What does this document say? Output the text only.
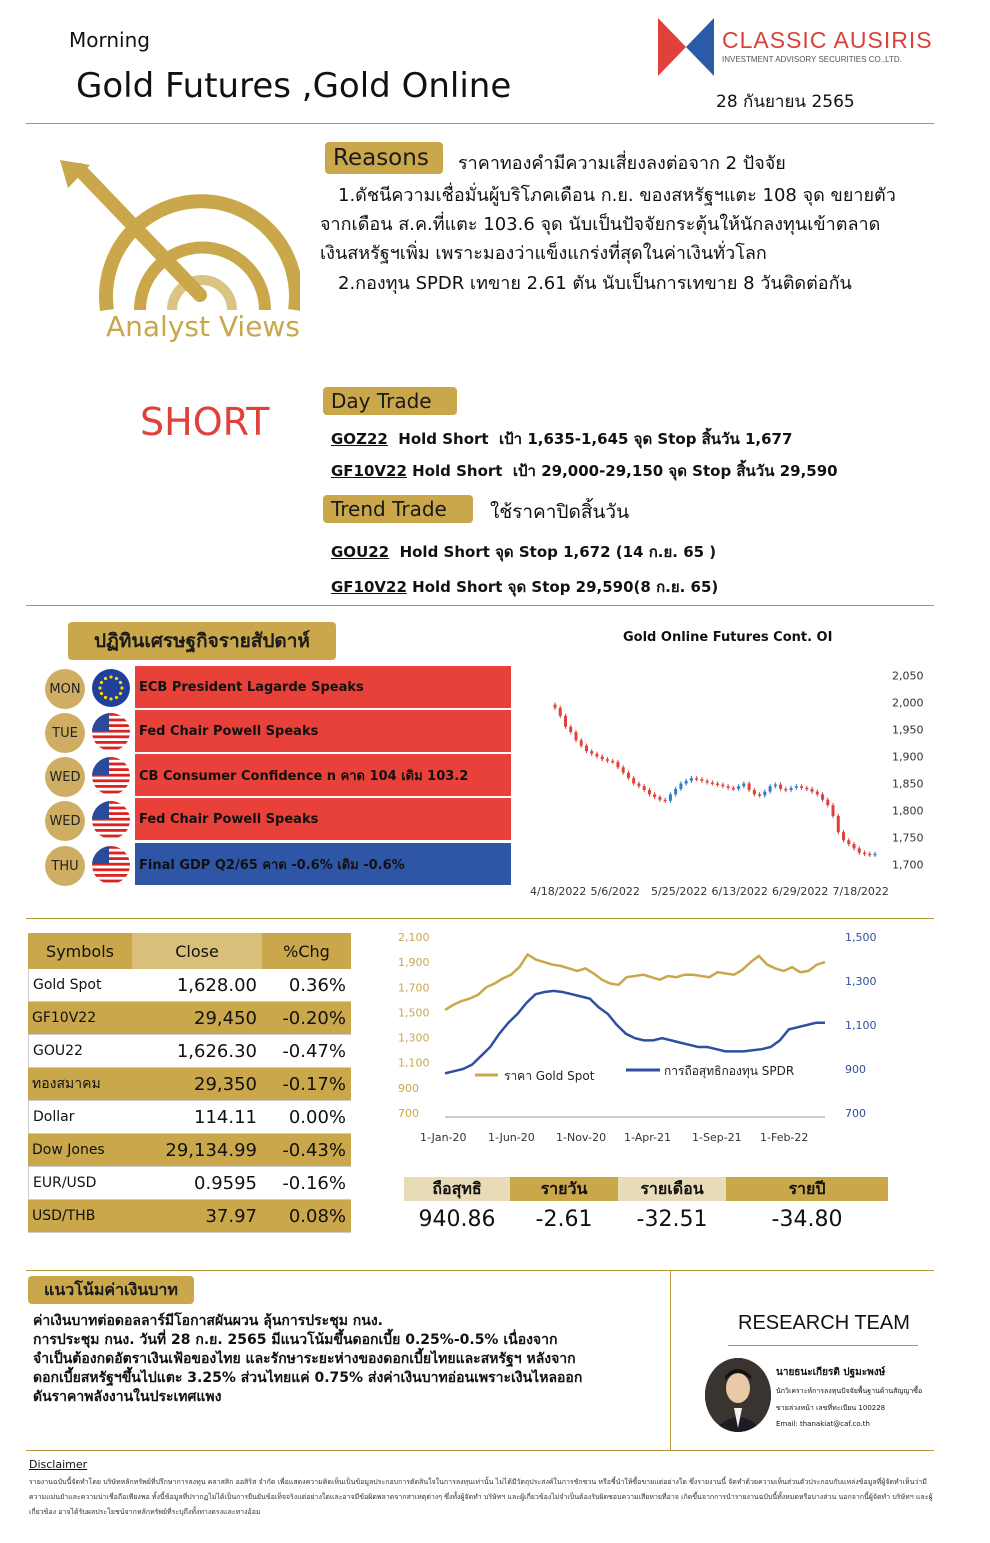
Morning
Gold Futures ,Gold Online
CLASSIC AUSIRIS
INVESTMENT ADVISORY SECURITIES CO.,LTD.
28 กันยายน 2565
Analyst Views
Reasons	ราคาทองคำมีความเสี่ยงลงต่อจาก 2 ปัจจัย
1.ดัชนีความเชื่อมั่นผู้บริโภคเดือน ก.ย. ของสหรัฐฯแตะ 108 จุด ขยายตัว
จากเดือน ส.ค.ที่แตะ 103.6 จุด นับเป็นปัจจัยกระตุ้นให้นักลงทุนเข้าตลาด
เงินสหรัฐฯเพิ่ม เพราะมองว่าแข็งแกร่งที่สุดในค่าเงินทั่วโลก
2.กองทุน SPDR เทขาย 2.61 ตัน นับเป็นการเทขาย 8 วันติดต่อกัน
SHORT	Day Trade
GOZ22  Hold Short  เป้า 1,635-1,645 จุด Stop สิ้นวัน 1,677
GF10V22 Hold Short  เป้า 29,000-29,150 จุด Stop สิ้นวัน 29,590
Trend Trade	ใช้ราคาปิดสิ้นวัน
GOU22  Hold Short จุด Stop 1,672 (14 ก.ย. 65 )
GF10V22 Hold Short จุด Stop 29,590(8 ก.ย. 65)
ปฏิทินเศรษฐกิจรายสัปดาห์
MON	ECB President Lagarde Speaks
TUE	Fed Chair Powell Speaks
WED	CB Consumer Confidence n คาด 104 เดิม 103.2
WED	Fed Chair Powell Speaks
THU	Final GDP Q2/65 คาด -0.6% เดิม -0.6%
Gold Online Futures Cont. OI
2,050
2,000
1,950
1,900
1,850
1,800
1,750
1,700
4/18/2022 5/6/2022 5/25/2022 6/13/2022 6/29/2022 7/18/2022
Symbols	Close	%Chg
Gold Spot	1,628.00	0.36%
GF10V22	29,450	-0.20%
GOU22	1,626.30	-0.47%
ทองสมาคม	29,350	-0.17%
Dollar	114.11	0.00%
Dow Jones	29,134.99	-0.43%
EUR/USD	0.9595	-0.16%
USD/THB	37.97	0.08%
2,100
1,900
1,700
1,500
1,300
1,100
900
700
1,500
1,300
1,100
900
700
1-Jan-20 1-Jun-20 1-Nov-20 1-Apr-21 1-Sep-21 1-Feb-22
ราคา Gold Spot	การถือสุทธิกองทุน SPDR
ถือสุทธิ	รายวัน	รายเดือน	รายปี
940.86	-2.61	-32.51	-34.80
แนวโน้มค่าเงินบาท
ค่าเงินบาทต่อดอลลาร์มีโอกาสผันผวน ลุ้นการประชุม กนง.
การประชุม กนง. วันที่ 28 ก.ย. 2565 มีแนวโน้มขึ้นดอกเบี้ย 0.25%-0.5% เนื่องจาก
จำเป็นต้องกดอัตราเงินเฟ้อของไทย และรักษาระยะห่างของดอกเบี้ยไทยและสหรัฐฯ หลังจาก
ดอกเบี้ยสหรัฐฯขึ้นไปแตะ 3.25% ส่วนไทยแค่ 0.75% ส่งค่าเงินบาทอ่อนเพราะเงินไหลออก
ดันราคาพลังงานในประเทศแพง
RESEARCH TEAM
นายธนะเกียรติ ปฐมะพงษ์
นักวิเคราะห์การลงทุนปัจจัยพื้นฐานด้านสัญญาซื้อ
ขายล่วงหน้า เลขที่ทะเบียน 100228
Email: thanakiat@caf.co.th
Disclaimer
รายงานฉบับนี้จัดทำโดย บริษัทหลักทรัพย์ที่ปรึกษาการลงทุน คลาสสิก ออสิริส จำกัด เพื่อแสดงความคิดเห็นเป็นข้อมูลประกอบการตัดสินใจในการลงทุนเท่านั้น ไม่ได้มีวัตถุประสงค์ในการชักชวน หรือชี้นำให้ซื้อขายแต่อย่างใด ซึ่งรายงานนี้ จัดทำด้วยความเห็นส่วนตัวประกอบกับแหล่งข้อมูลที่ผู้จัดทำเห็นว่ามีความแม่นยำและความน่าเชื่อถือเพียงพอ ทั้งนี้ข้อมูลที่ปรากฏไม่ได้เป็นการยืนยันข้อเท็จจริงแต่อย่างใดและอาจมีข้อผิดพลาดจากสาเหตุต่างๆ ซึ่งทั้งผู้จัดทำ บริษัทฯ และผู้เกี่ยวข้องไม่จำเป็นต้องรับผิดชอบความเสียหายที่อาจ เกิดขึ้นจากการนำรายงานฉบับนี้ทั้งหมดหรือบางส่วน นอกจากนี้ผู้จัดทำ บริษัทฯ และผู้เกี่ยวข้อง อาจได้รับผลประโยชน์จากหลักทรัพย์ที่ระบุถึงทั้งทางตรงและทางอ้อม
